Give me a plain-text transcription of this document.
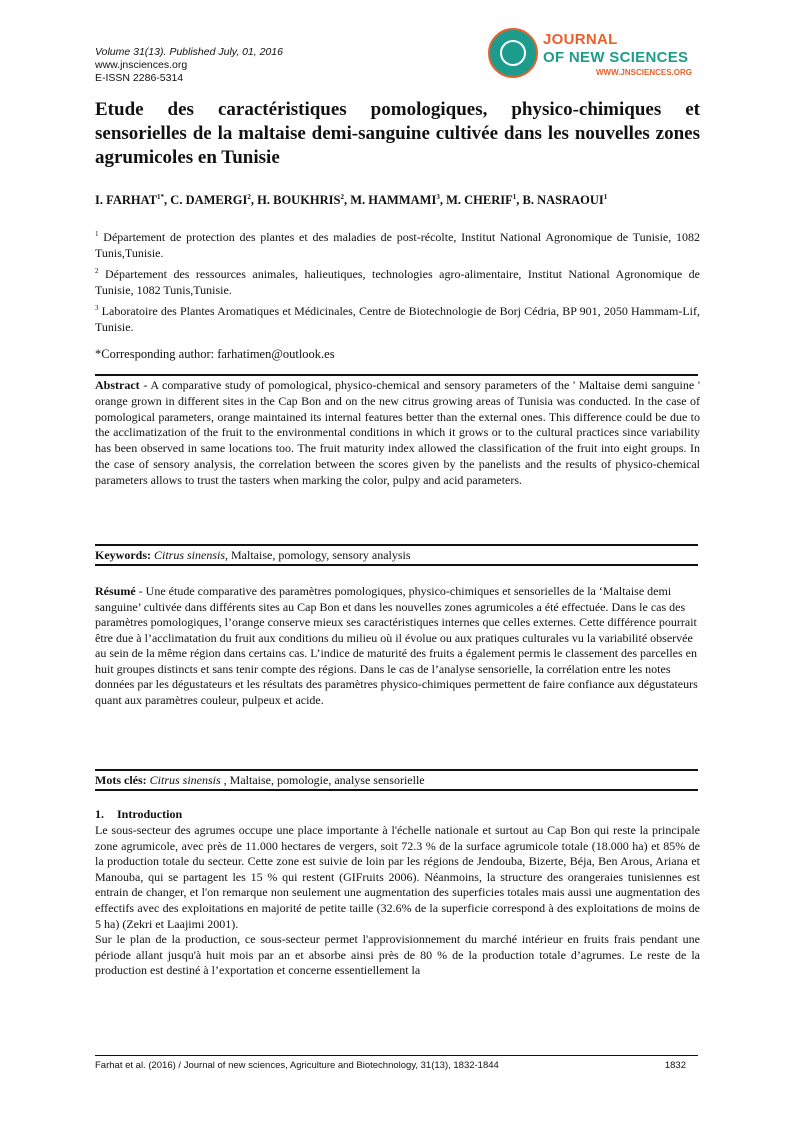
Volume 31(13). Published July, 01, 2016
www.jnsciences.org
E-ISSN 2286-5314
JOURNAL
OF NEW SCIENCES
WWW.JNSCIENCES.ORG
Etude des caractéristiques pomologiques, physico-chimiques et sensorielles de la maltaise demi-sanguine cultivée dans les nouvelles zones agrumicoles en Tunisie

I. $FARHAT^{1*}$, C. DAMERGI$^2$, H. BOUKHRIS$^2$, M. HAMMAMI$^3$, M. CHERIF$^1$, B. NASRAOUI$^1$

$^1$ Département de protection des plantes et des maladies de post-récolte, Institut National Agronomique de Tunisie, 1082 Tunis,Tunisie.

$^2$ Département des ressources animales, halieutiques, technologies agro-alimentaire, Institut National Agronomique de Tunisie, 1082 Tunis,Tunisie.

$^3$ Laboratoire des Plantes Aromatiques et Médicinales, Centre de Biotechnologie de Borj Cédria, BP 901, 2050 Hammam-Lif, Tunisie.

*Corresponding author: farhatimen@outlook.es

Abstract - A comparative study of pomological, physico-chemical and sensory parameters of the ' Maltaise demi sanguine ' orange grown in different sites in the Cap Bon and on the new citrus growing areas of Tunisia was conducted. In the case of pomological parameters, orange maintained its internal features better than the external ones. This difference could be due to the acclimatization of the fruit to the environmental conditions in which it grows or to the cultural practices since variability has been observed in same locations too. The fruit maturity index allowed the classification of the fruit into eight groups. In the case of sensory analysis, the correlation between the scores given by the panelists and the results of physico-chemical parameters allows to trust the tasters when marking the color, pulpy and acid parameters.

Keywords: Citrus sinensis, Maltaise, pomology, sensory analysis

Résumé - Une étude comparative des paramètres pomologiques, physico-chimiques et sensorielles de la ‘Maltaise demi sanguine’ cultivée dans différents sites au Cap Bon et dans les nouvelles zones agrumicoles a été effectuée. Dans le cas des paramètres pomologiques, l’orange conserve mieux ses caractéristiques internes que celles externes. Cette différence pourrait être due à l’acclimatation du fruit aux conditions du milieu où il évolue ou aux pratiques culturales vu la variabilité observée au sein de la même région dans certains cas. L’indice de maturité des fruits a également permis le classement des parcelles en huit groupes distincts et sans tenir compte des régions. Dans le cas de l’analyse sensorielle, la corrélation entre les notes données par les dégustateurs et les résultats des paramètres physico-chimiques permettent de faire confiance aux dégustateurs quant aux paramètres couleur, pulpeux et acide.

Mots clés: Citrus sinensis , Maltaise, pomologie, analyse sensorielle

1. Introduction

Le sous-secteur des agrumes occupe une place importante à l'échelle nationale et surtout au Cap Bon qui reste la principale zone agrumicole, avec près de 11.000 hectares de vergers, soit 72.3 % de la surface agrumicole totale (18.000 ha) et 85% de la production totale du secteur. Cette zone est suivie de loin par les régions de Jendouba, Bizerte, Béja, Ben Arous, Ariana et Manouba, qui se partagent les 15 % qui restent (GIFruits 2006). Néanmoins, la structure des orangeraies tunisiennes est entrain de changer, et l'on remarque non seulement une augmentation des superficies totales mais aussi une augmentation des effectifs avec des exploitations en majorité de petite taille (32.6% de la superficie correspond à des exploitations de moins de 5 ha) (Zekri et Laajimi 2001).

Sur le plan de la production, ce sous-secteur permet l'approvisionnement du marché intérieur en fruits frais pendant une période allant jusqu'à huit mois par an et absorbe ainsi près de 80 % de la production totale d’agrumes. Le reste de la production est destiné à l’exportation et concerne essentiellement la

Farhat et al. (2016) / Journal of new sciences, Agriculture and Biotechnology, 31(13), 1832-1844	1832
